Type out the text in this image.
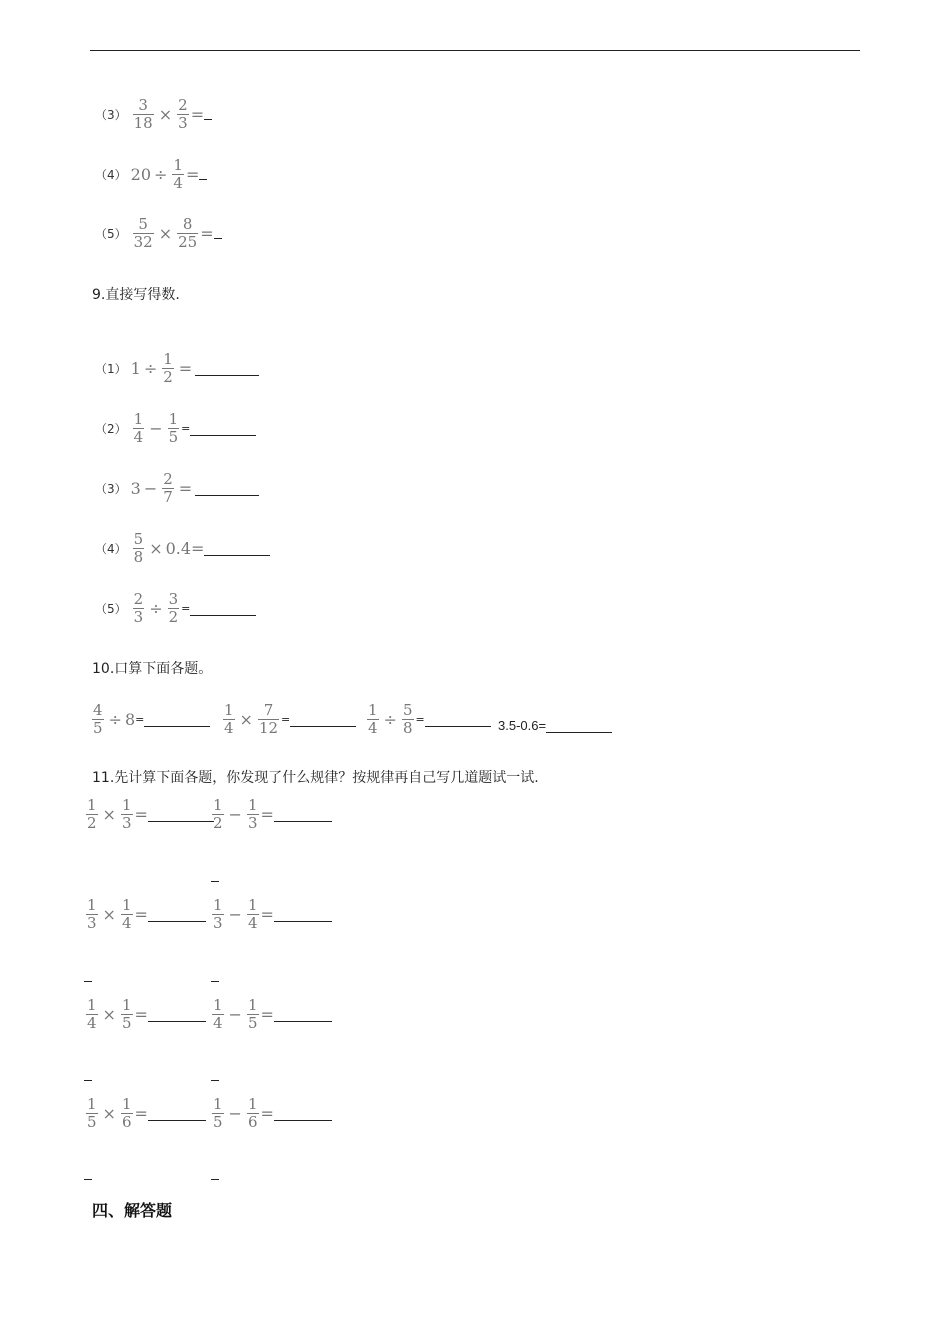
$(3) \frac{3}{18} \times \frac{2}{3}$ =
（4） $20 \div \frac{1}{4}$ =
$(5) \frac{5}{32} \times \frac{8}{25}$ =
9.直接写得数.
（1） $1 \div \frac{1}{2}$ =
$(2) \frac{1}{4} - \frac{1}{5}$ =
（3） $3 - \frac{2}{7}$ =
$(4) \frac{5}{8} \times 0.4$ =
$(5) \frac{2}{3} \div \frac{3}{2}$ =
10.口算下面各题。
$\frac{4}{5} \div 8$ =	$\frac{1}{4} \times \frac{7}{12}$ =	$\frac{1}{4} \div \frac{5}{8}$ =	3.5-0.6=
11.先计算下面各题，你发现了什么规律？按规律再自己写几道题试一试.
$\frac{1}{2} \times \frac{1}{3}$ =	$\frac{1}{2} - \frac{1}{3}$ =
$\frac{1}{3} \times \frac{1}{4}$ =	$\frac{1}{3} - \frac{1}{4}$ =
$\frac{1}{4} \times \frac{1}{5}$ =	$\frac{1}{4} - \frac{1}{5}$ =
$\frac{1}{5} \times \frac{1}{6}$ =	$\frac{1}{5} - \frac{1}{6}$ =
四、解答题
